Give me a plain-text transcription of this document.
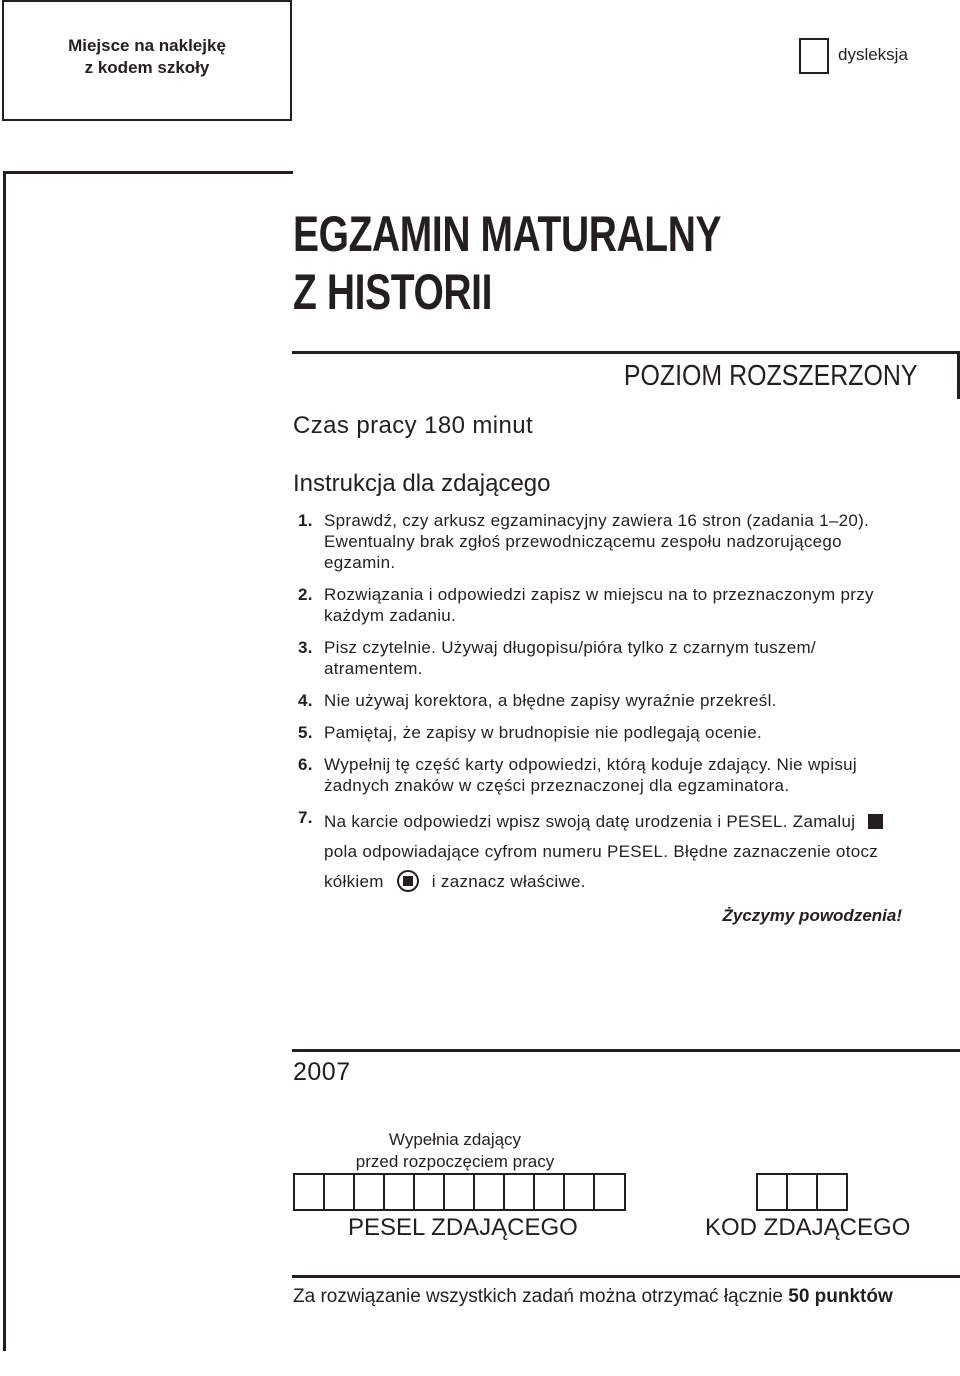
Miejsce na naklejkę
z kodem szkoły
dysleksja
EGZAMIN MATURALNY
Z HISTORII
POZIOM ROZSZERZONY
Czas pracy 180 minut
Instrukcja dla zdającego
1. Sprawdź, czy arkusz egzaminacyjny zawiera 16 stron (zadania 1–20). Ewentualny brak zgłoś przewodniczącemu zespołu nadzorującego egzamin.
2. Rozwiązania i odpowiedzi zapisz w miejscu na to przeznaczonym przy każdym zadaniu.
3. Pisz czytelnie. Używaj długopisu/pióra tylko z czarnym tuszem/ atramentem.
4. Nie używaj korektora, a błędne zapisy wyraźnie przekreśl.
5. Pamiętaj, że zapisy w brudnopisie nie podlegają ocenie.
6. Wypełnij tę część karty odpowiedzi, którą koduje zdający. Nie wpisuj żadnych znaków w części przeznaczonej dla egzaminatora.
7. Na karcie odpowiedzi wpisz swoją datę urodzenia i PESEL. Zamaluj  pola odpowiadające cyfrom numeru PESEL. Błędne zaznaczenie otocz kółkiem	i zaznacz właściwe.
Życzymy powodzenia!
2007
Wypełnia zdający
przed rozpoczęciem pracy
PESEL ZDAJĄCEGO	KOD ZDAJĄCEGO
Za rozwiązanie wszystkich zadań można otrzymać łącznie 50 punktów
